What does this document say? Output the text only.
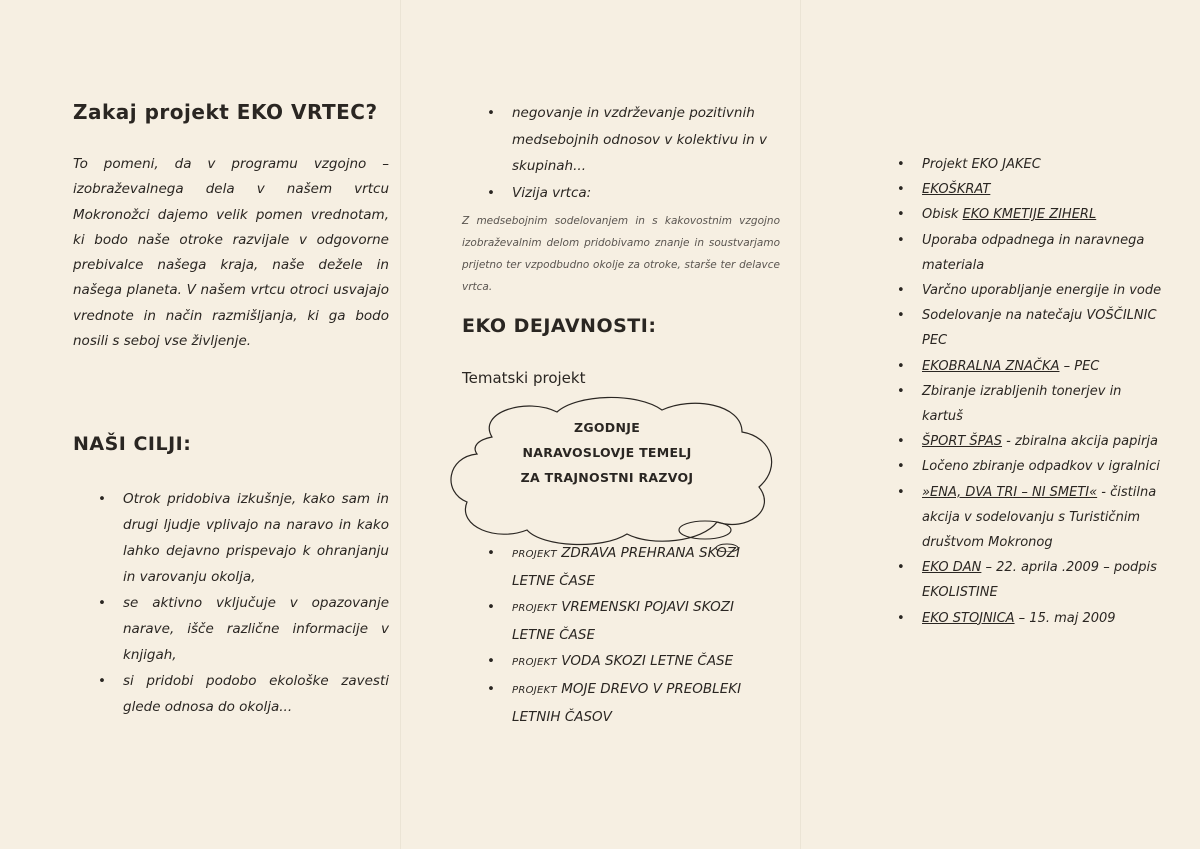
Zakaj projekt EKO VRTEC?
To pomeni, da v programu vzgojno – izobraževalnega dela v našem vrtcu Mokronožci dajemo velik pomen vrednotam, ki bodo naše otroke razvijale v odgovorne prebivalce našega kraja, naše dežele in našega planeta. V našem vrtcu otroci usvajajo vrednote in način razmišljanja, ki ga bodo nosili s seboj vse življenje.
NAŠI CILJI:
• Otrok pridobiva izkušnje, kako sam in drugi ljudje vplivajo na naravo in kako lahko dejavno prispevajo k ohranjanju in varovanju okolja,
• se aktivno vključuje v opazovanje narave, išče različne informacije v knjigah,
• si pridobi podobo ekološke zavesti glede odnosa do okolja...
• negovanje in vzdrževanje pozitivnih medsebojnih odnosov v kolektivu in v skupinah...
• Vizija vrtca:
Z medsebojnim sodelovanjem in s kakovostnim vzgojno izobraževalnim delom pridobivamo znanje in soustvarjamo prijetno ter vzpodbudno okolje za otroke, starše ter delavce vrtca.
EKO DEJAVNOSTI:
Tematski projekt
ZGODNJE
NARAVOSLOVJE TEMELJ
ZA TRAJNOSTNI RAZVOJ
• PROJEKT ZDRAVA PREHRANA SKOZI LETNE ČASE
• PROJEKT VREMENSKI POJAVI SKOZI LETNE ČASE
• PROJEKT VODA SKOZI LETNE ČASE
• PROJEKT MOJE DREVO V PREOBLEKI LETNIH ČASOV
• Projekt EKO JAKEC
• EKOŠKRAT
• Obisk EKO KMETIJE ZIHERL
• Uporaba odpadnega in naravnega materiala
• Varčno uporabljanje energije in vode
• Sodelovanje na natečaju VOŠČILNIC PEC
• EKOBRALNA ZNAČKA – PEC
• Zbiranje izrabljenih tonerjev in kartuš
• ŠPORT ŠPAS - zbiralna akcija papirja
• Ločeno zbiranje odpadkov v igralnici
• »ENA, DVA TRI – NI SMETI« - čistilna akcija v sodelovanju s Turističnim društvom Mokronog
• EKO DAN – 22. aprila .2009 – podpis EKOLISTINE
• EKO STOJNICA – 15. maj 2009
